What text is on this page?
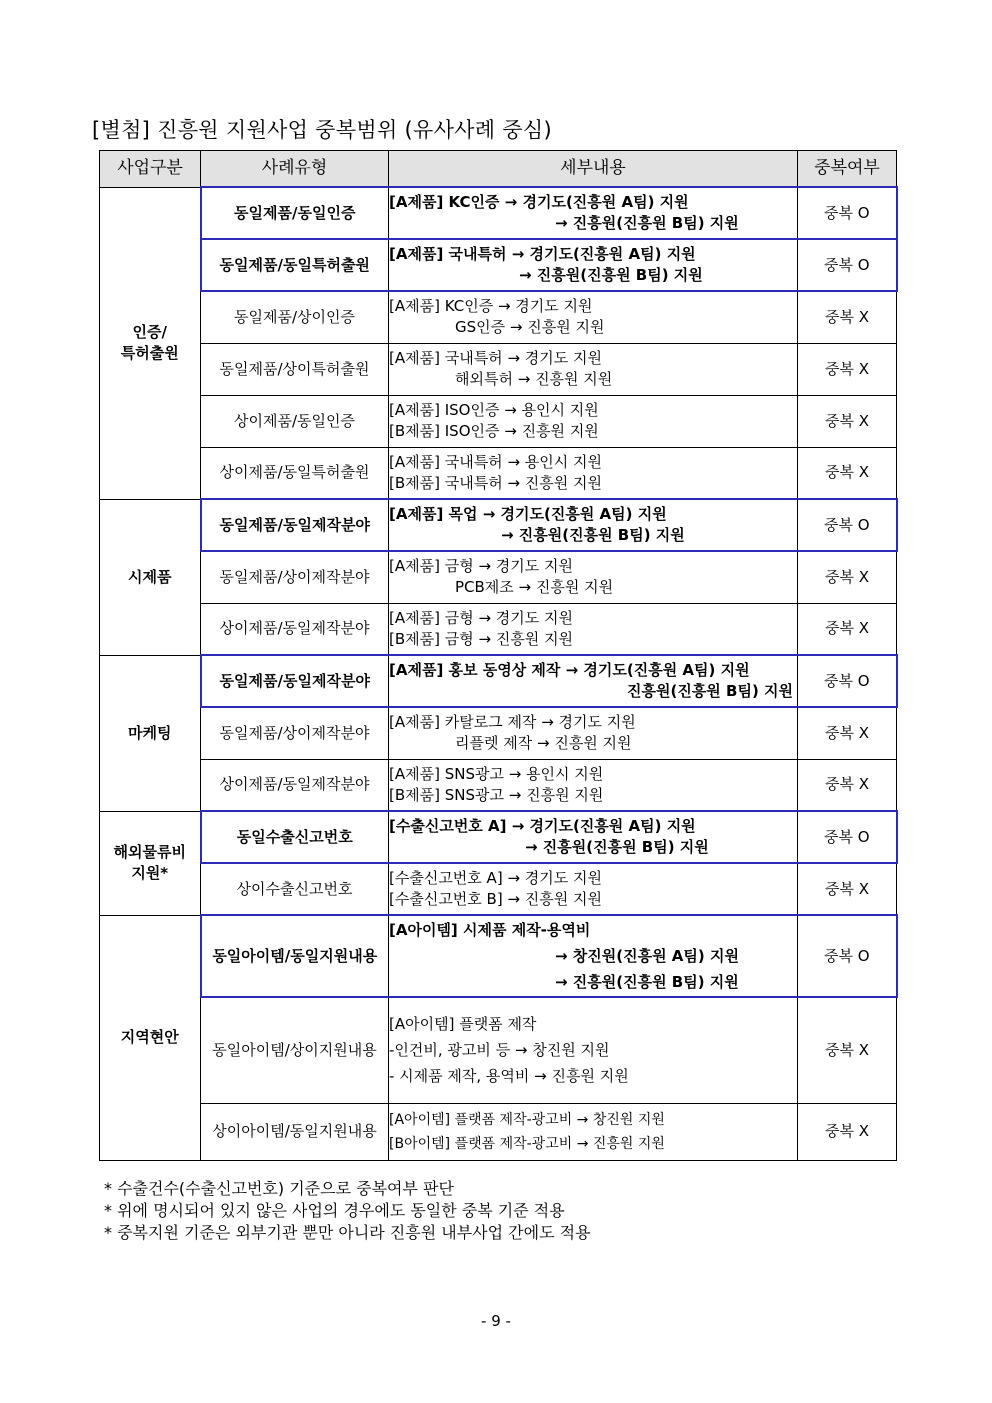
[별첨] 진흥원 지원사업 중복범위 (유사사례 중심)
사업구분	사례유형	세부내용	중복여부
인증/
특허출원	동일제품/동일인증	[A제품] KC인증 → 경기도(진흥원 A팀) 지원
→ 진흥원(진흥원 B팀) 지원	중복 O
	동일제품/동일특허출원	[A제품] 국내특허 → 경기도(진흥원 A팀) 지원
→ 진흥원(진흥원 B팀) 지원	중복 O
	동일제품/상이인증	[A제품] KC인증 → 경기도 지원
GS인증 → 진흥원 지원	중복 X
	동일제품/상이특허출원	[A제품] 국내특허 → 경기도 지원
해외특허 → 진흥원 지원	중복 X
	상이제품/동일인증	[A제품] ISO인증 → 용인시 지원
[B제품] ISO인증 → 진흥원 지원	중복 X
	상이제품/동일특허출원	[A제품] 국내특허 → 용인시 지원
[B제품] 국내특허 → 진흥원 지원	중복 X
시제품	동일제품/동일제작분야	[A제품] 목업 → 경기도(진흥원 A팀) 지원
→ 진흥원(진흥원 B팀) 지원	중복 O
	동일제품/상이제작분야	[A제품] 금형 → 경기도 지원
PCB제조 → 진흥원 지원	중복 X
	상이제품/동일제작분야	[A제품] 금형 → 경기도 지원
[B제품] 금형 → 진흥원 지원	중복 X
마케팅	동일제품/동일제작분야	[A제품] 홍보 동영상 제작 → 경기도(진흥원 A팀) 지원
진흥원(진흥원 B팀) 지원	중복 O
	동일제품/상이제작분야	[A제품] 카탈로그 제작 → 경기도 지원
리플렛 제작 → 진흥원 지원	중복 X
	상이제품/동일제작분야	[A제품] SNS광고 → 용인시 지원
[B제품] SNS광고 → 진흥원 지원	중복 X
해외물류비
지원*	동일수출신고번호	[수출신고번호 A] → 경기도(진흥원 A팀) 지원
→ 진흥원(진흥원 B팀) 지원	중복 O
	상이수출신고번호	[수출신고번호 A] → 경기도 지원
[수출신고번호 B] → 진흥원 지원	중복 X
지역현안	동일아이템/동일지원내용	[A아이템] 시제품 제작-용역비
→ 창진원(진흥원 A팀) 지원
→ 진흥원(진흥원 B팀) 지원	중복 O
	동일아이템/상이지원내용	[A아이템] 플랫폼 제작
-인건비, 광고비 등 → 창진원 지원
- 시제품 제작, 용역비 → 진흥원 지원	중복 X
	상이아이템/동일지원내용	[A아이템] 플랫폼 제작-광고비 → 창진원 지원
[B아이템] 플랫폼 제작-광고비 → 진흥원 지원	중복 X
* 수출건수(수출신고번호) 기준으로 중복여부 판단
* 위에 명시되어 있지 않은 사업의 경우에도 동일한 중복 기준 적용
* 중복지원 기준은 외부기관 뿐만 아니라 진흥원 내부사업 간에도 적용
- 9 -
